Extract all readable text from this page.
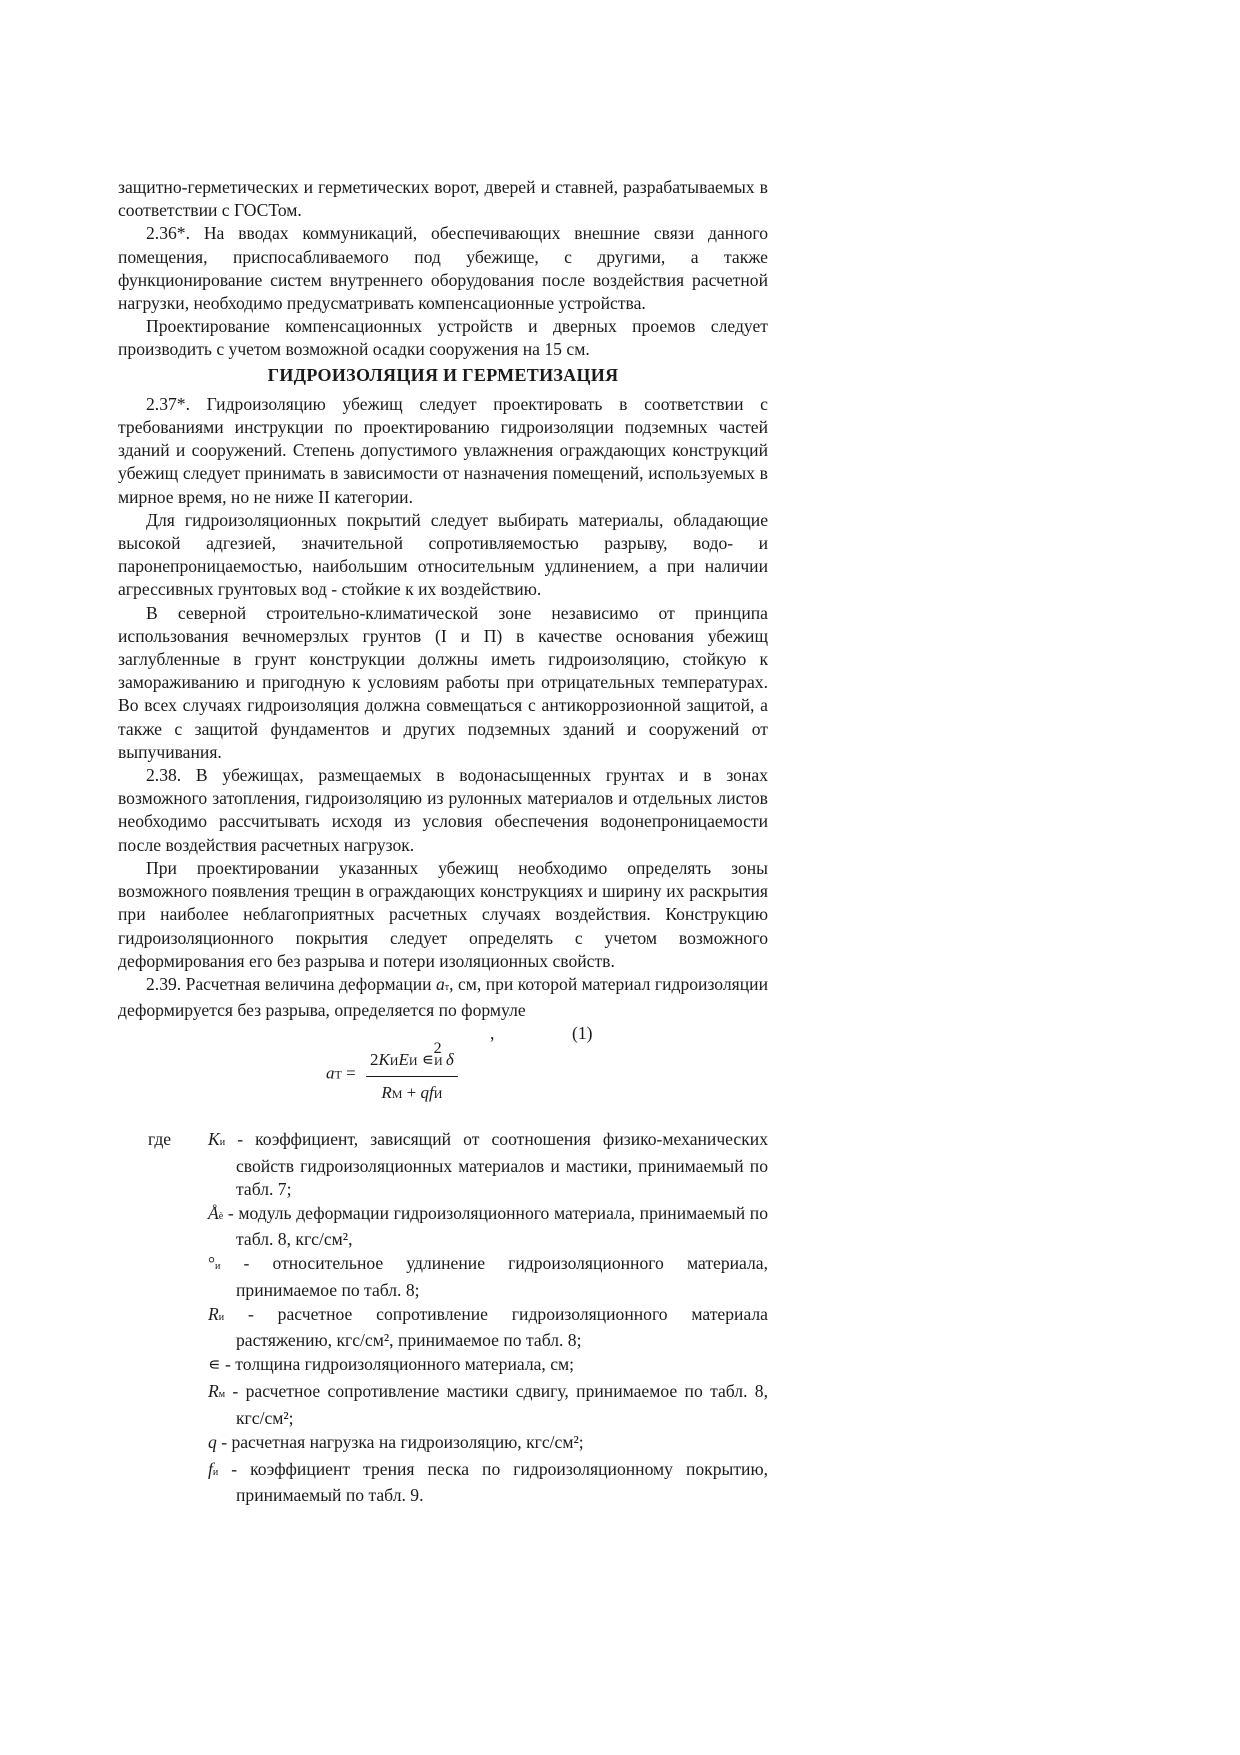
защитно-герметических и герметических ворот, дверей и ставней, разрабатываемых в соответствии с ГОСТом.

2.36*. На вводах коммуникаций, обеспечивающих внешние связи данного помещения, приспосабливаемого под убежище, с другими, а также функционирование систем внутреннего оборудования после воздействия расчетной нагрузки, необходимо предусматривать компенсационные устройства.

Проектирование компенсационных устройств и дверных проемов следует производить с учетом возможной осадки сооружения на 15 см.

ГИДРОИЗОЛЯЦИЯ И ГЕРМЕТИЗАЦИЯ

2.37*. Гидроизоляцию убежищ следует проектировать в соответствии с требованиями инструкции по проектированию гидроизоляции подземных частей зданий и сооружений. Степень допустимого увлажнения ограждающих конструкций убежищ следует принимать в зависимости от назначения помещений, используемых в мирное время, но не ниже II категории.

Для гидроизоляционных покрытий следует выбирать материалы, обладающие высокой адгезией, значительной сопротивляемостью разрыву, водо- и паронепроницаемостью, наибольшим относительным удлинением, а при наличии агрессивных грунтовых вод - стойкие к их воздействию.

В северной строительно-климатической зоне независимо от принципа использования вечномерзлых грунтов (I и П) в качестве основания убежищ заглубленные в грунт конструкции должны иметь гидроизоляцию, стойкую к замораживанию и пригодную к условиям работы при отрицательных температурах. Во всех случаях гидроизоляция должна совмещаться с антикоррозионной защитой, а также с защитой фундаментов и других подземных зданий и сооружений от выпучивания.

2.38. В убежищах, размещаемых в водонасыщенных грунтах и в зонах возможного затопления, гидроизоляцию из рулонных материалов и отдельных листов необходимо рассчитывать исходя из условия обеспечения водонепроницаемости после воздействия расчетных нагрузок.

При проектировании указанных убежищ необходимо определять зоны возможного появления трещин в ограждающих конструкциях и ширину их раскрытия при наиболее неблагоприятных расчетных случаях воздействия. Конструкцию гидроизоляционного покрытия следует определять с учетом возможного деформирования его без разрыва и потери изоляционных свойств.

2.39. Расчетная величина деформации aт, см, при которой материал гидроизоляции деформируется без разрыва, определяется по формуле

,	(1)
aT = $\frac{\text{2KИEИ ∊И2 δ}}{\text{RM + qfИ}}$

где Kи - коэффициент, зависящий от соотношения физико-механических свойств гидроизоляционных материалов и мастики, принимаемый по табл. 7;

Åè - модуль деформации гидроизоляционного материала, принимаемый по табл. 8, кгс/см²,

°и - относительное удлинение гидроизоляционного материала, принимаемое по табл. 8;

Rи - расчетное сопротивление гидроизоляционного материала растяжению, кгс/см², принимаемое по табл. 8;

∊ - толщина гидроизоляционного материала, см;

Rм - расчетное сопротивление мастики сдвигу, принимаемое по табл. 8, кгс/см²;

q - расчетная нагрузка на гидроизоляцию, кгс/см²;

fи - коэффициент трения песка по гидроизоляционному покрытию, принимаемый по табл. 9.
